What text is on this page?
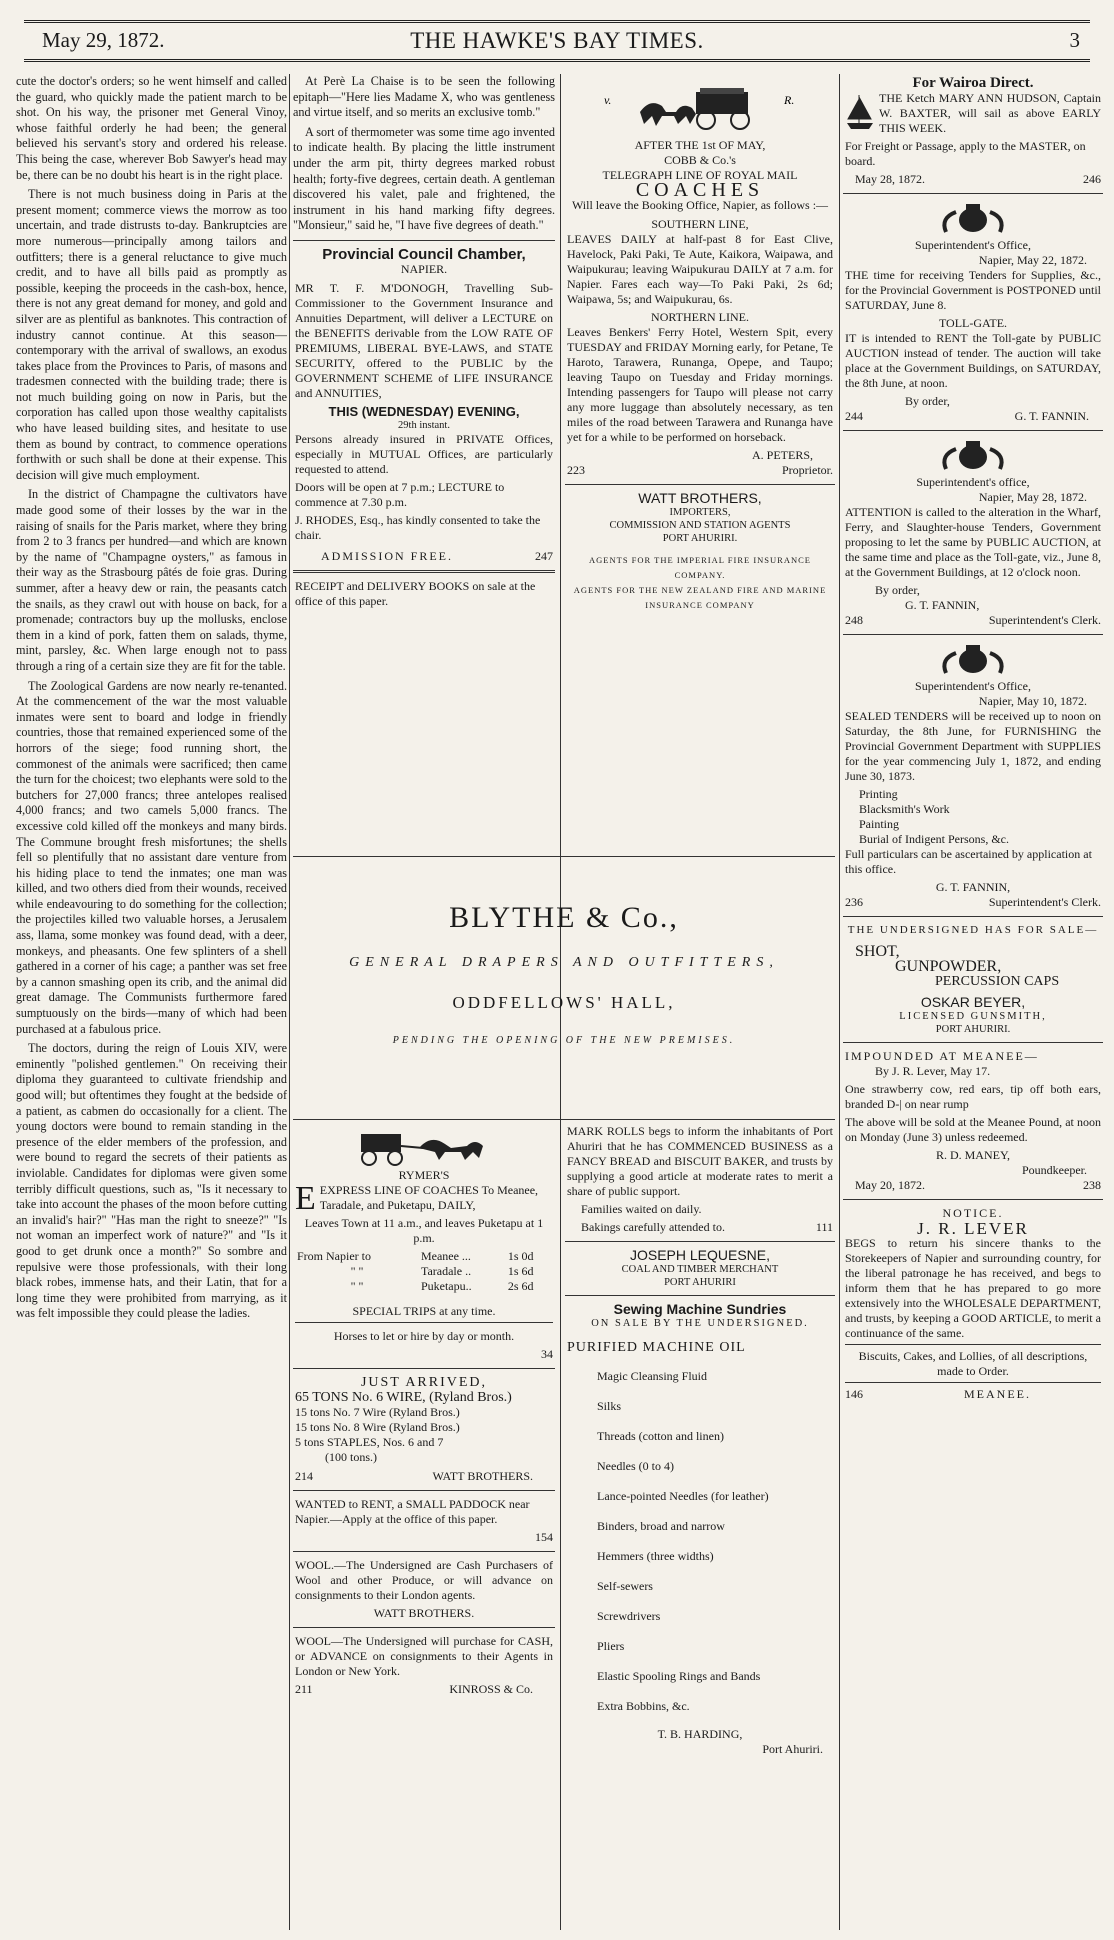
May 29, 1872.	THE HAWKE'S BAY TIMES.	3

cute the doctor's orders; so he went himself and called the guard, who quickly made the patient march to be shot. On his way, the prisoner met General Vinoy, whose faithful orderly he had been; the general believed his servant's story and ordered his release. This being the case, wherever Bob Sawyer's head may be, there can be no doubt his heart is in the right place.

There is not much business doing in Paris at the present moment; commerce views the morrow as too uncertain, and trade distrusts to-day. Bankruptcies are more numerous—principally among tailors and outfitters; there is a general reluctance to give much credit, and to have all bills paid as promptly as possible, keeping the proceeds in the cash-box, hence, there is not any great demand for money, and gold and silver are as plentiful as banknotes. This contraction of industry cannot continue. At this season—contemporary with the arrival of swallows, an exodus takes place from the Provinces to Paris, of masons and tradesmen connected with the building trade; there is not much building going on now in Paris, but the corporation has called upon those wealthy capitalists who have leased building sites, and hesitate to use them as bound by contract, to commence operations forthwith or such shall be done at their expense. This decision will give much employment.

In the district of Champagne the cultivators have made good some of their losses by the war in the raising of snails for the Paris market, where they bring from 2 to 3 francs per hundred—and which are known by the name of "Champagne oysters," as famous in their way as the Strasbourg pâtés de foie gras. During summer, after a heavy dew or rain, the peasants catch the snails, as they crawl out with house on back, for a promenade; contractors buy up the mollusks, enclose them in a kind of pork, fatten them on salads, thyme, mint, parsley, &c. When large enough not to pass through a ring of a certain size they are fit for the table.

The Zoological Gardens are now nearly re-tenanted. At the commencement of the war the most valuable inmates were sent to board and lodge in friendly countries, those that remained experienced some of the horrors of the siege; food running short, the commonest of the animals were sacrificed; then came the turn for the choicest; two elephants were sold to the butchers for 27,000 francs; three antelopes realised 4,000 francs; and two camels 5,000 francs. The excessive cold killed off the monkeys and many birds. The Commune brought fresh misfortunes; the shells fell so plentifully that no assistant dare venture from his hiding place to tend the inmates; one man was killed, and two others died from their wounds, received while endeavouring to do something for the collection; the projectiles killed two valuable horses, a Jerusalem ass, llama, some monkey was found dead, with a deer, monkeys, and pheasants. One few splinters of a shell gathered in a corner of his cage; a panther was set free by a cannon smashing open its crib, and the animal did great damage. The Communists furthermore fared sumptuously on the birds—many of which had been purchased at a fabulous price.

The doctors, during the reign of Louis XIV, were eminently "polished gentlemen." On receiving their diploma they guaranteed to cultivate friendship and good will; but oftentimes they fought at the bedside of a patient, as cabmen do occasionally for a client. The young doctors were bound to remain standing in the presence of the elder members of the profession, and were bound to regard the secrets of their patients as inviolable. Candidates for diplomas were given some terribly difficult questions, such as, "Is it necessary to take into account the phases of the moon before cutting an invalid's hair?" "Has man the right to sneeze?" "Is not woman an imperfect work of nature?" and "Is it good to get drunk once a month?" So sombre and repulsive were those professionals, with their long black robes, immense hats, and their Latin, that for a long time they were prohibited from marrying, as it was felt impossible they could please the ladies.

At Perè La Chaise is to be seen the following epitaph—"Here lies Madame X, who was gentleness and virtue itself, and so merits an exclusive tomb."

A sort of thermometer was some time ago invented to indicate health. By placing the little instrument under the arm pit, thirty degrees marked robust health; forty-five degrees, certain death. A gentleman discovered his valet, pale and frightened, the instrument in his hand marking fifty degrees. "Monsieur," said he, "I have five degrees of death."

Provincial Council Chamber,
NAPIER.

MR T. F. M'DONOGH, Travelling Sub-Commissioner to the Government Insurance and Annuities Department, will deliver a LECTURE on the BENEFITS derivable from the LOW RATE OF PREMIUMS, LIBERAL BYE-LAWS, and STATE SECURITY, offered to the PUBLIC by the GOVERNMENT SCHEME of LIFE INSURANCE and ANNUITIES,

THIS (WEDNESDAY) EVENING,
29th instant.

Persons already insured in PRIVATE Offices, especially in MUTUAL Offices, are particularly requested to attend.

Doors will be open at 7 p.m.; LECTURE to commence at 7.30 p.m.

J. RHODES, Esq., has kindly consented to take the chair.

ADMISSION FREE.	247

RECEIPT and DELIVERY BOOKS on sale at the office of this paper.

v.	R.
AFTER THE 1st OF MAY,
COBB & Co.'s
TELEGRAPH LINE OF ROYAL MAIL
COACHES
Will leave the Booking Office, Napier, as follows :—
SOUTHERN LINE,

LEAVES DAILY at half-past 8 for East Clive, Havelock, Paki Paki, Te Aute, Kaikora, Waipawa, and Waipukurau; leaving Waipukurau DAILY at 7 a.m. for Napier. Fares each way—To Paki Paki, 2s 6d; Waipawa, 5s; and Waipukurau, 6s.

NORTHERN LINE.

Leaves Benkers' Ferry Hotel, Western Spit, every TUESDAY and FRIDAY Morning early, for Petane, Te Haroto, Tarawera, Runanga, Opepe, and Taupo; leaving Taupo on Tuesday and Friday mornings. Intending passengers for Taupo will please not carry any more luggage than absolutely necessary, as ten miles of the road between Tarawera and Runanga have yet for a while to be performed on horseback.

A. PETERS,
223	Proprietor.
WATT BROTHERS,
IMPORTERS,
COMMISSION AND STATION AGENTS
PORT AHURIRI.
AGENTS FOR THE IMPERIAL FIRE INSURANCE COMPANY.
AGENTS FOR THE NEW ZEALAND FIRE AND MARINE INSURANCE COMPANY
BLYTHE & Co.,
GENERAL DRAPERS AND OUTFITTERS,
ODDFELLOWS' HALL,
PENDING THE OPENING OF THE NEW PREMISES.
RYMER'S

EEXPRESS LINE OF COACHES To Meanee, Taradale, and Puketapu, DAILY,

Leaves Town at 11 a.m., and leaves Puketapu at 1 p.m.

From Napier to	Meanee ...	1s 0d
" "	Taradale ..	1s 6d
" "	Puketapu..	2s 6d

SPECIAL TRIPS at any time.

Horses to let or hire by day or month.

34
JUST ARRIVED,
65 TONS No. 6 WIRE, (Ryland Bros.)
15 tons No. 7 Wire (Ryland Bros.)
15 tons No. 8 Wire (Ryland Bros.)
5 tons STAPLES, Nos. 6 and 7
(100 tons.)
214	WATT BROTHERS.

WANTED to RENT, a SMALL PADDOCK near Napier.—Apply at the office of this paper.

154

WOOL.—The Undersigned are Cash Purchasers of Wool and other Produce, or will advance on consignments to their London agents.

WATT BROTHERS.

WOOL—The Undersigned will purchase for CASH, or ADVANCE on consignments to their Agents in London or New York.

211	KINROSS & Co.

MARK ROLLS begs to inform the inhabitants of Port Ahuriri that he has COMMENCED BUSINESS as a FANCY BREAD and BISCUIT BAKER, and trusts by supplying a good article at moderate rates to merit a share of public support.

Families waited on daily.

Bakings carefully attended to.	111
JOSEPH LEQUESNE,
COAL AND TIMBER MERCHANT
PORT AHURIRI
Sewing Machine Sundries
ON SALE BY THE UNDERSIGNED.
PURIFIED MACHINE OIL
Magic Cleansing Fluid
Silks
Threads (cotton and linen)
Needles (0 to 4)
Lance-pointed Needles (for leather)
Binders, broad and narrow
Hemmers (three widths)
Self-sewers
Screwdrivers
Pliers
Elastic Spooling Rings and Bands
Extra Bobbins, &c.
T. B. HARDING,
Port Ahuriri.
For Wairoa Direct.

THE Ketch MARY ANN HUDSON, Captain W. BAXTER, will sail as above EARLY THIS WEEK.

For Freight or Passage, apply to the MASTER, on board.

May 28, 1872.	246
Superintendent's Office,
Napier, May 22, 1872.

THE time for receiving Tenders for Supplies, &c., for the Provincial Government is POSTPONED until SATURDAY, June 8.

TOLL-GATE.

IT is intended to RENT the Toll-gate by PUBLIC AUCTION instead of tender. The auction will take place at the Government Buildings, on SATURDAY, the 8th June, at noon.

By order,
244	G. T. FANNIN.
Superintendent's office,
Napier, May 28, 1872.

ATTENTION is called to the alteration in the Wharf, Ferry, and Slaughter-house Tenders, Government proposing to let the same by PUBLIC AUCTION, at the same time and place as the Toll-gate, viz., June 8, at the Government Buildings, at 12 o'clock noon.

By order,
G. T. FANNIN,
248	Superintendent's Clerk.
Superintendent's Office,
Napier, May 10, 1872.

SEALED TENDERS will be received up to noon on Saturday, the 8th June, for FURNISHING the Provincial Government Department with SUPPLIES for the year commencing July 1, 1872, and ending June 30, 1873.

Printing
Blacksmith's Work
Painting
Burial of Indigent Persons, &c.

Full particulars can be ascertained by application at this office.

G. T. FANNIN,
236	Superintendent's Clerk.
THE UNDERSIGNED HAS FOR SALE—
SHOT,
GUNPOWDER,
PERCUSSION CAPS
OSKAR BEYER,
LICENSED GUNSMITH,
PORT AHURIRI.
IMPOUNDED AT MEANEE—

By J. R. Lever, May 17.

One strawberry cow, red ears, tip off both ears, branded D-| on near rump

The above will be sold at the Meanee Pound, at noon on Monday (June 3) unless redeemed.

R. D. MANEY,
Poundkeeper.
May 20, 1872.	238
NOTICE.
J. R. LEVER

BEGS to return his sincere thanks to the Storekeepers of Napier and surrounding country, for the liberal patronage he has received, and begs to inform them that he has prepared to go more extensively into the WHOLESALE DEPARTMENT, and trusts, by keeping a GOOD ARTICLE, to merit a continuance of the same.

Biscuits, Cakes, and Lollies, of all descriptions, made to Order.

146	MEANEE.
